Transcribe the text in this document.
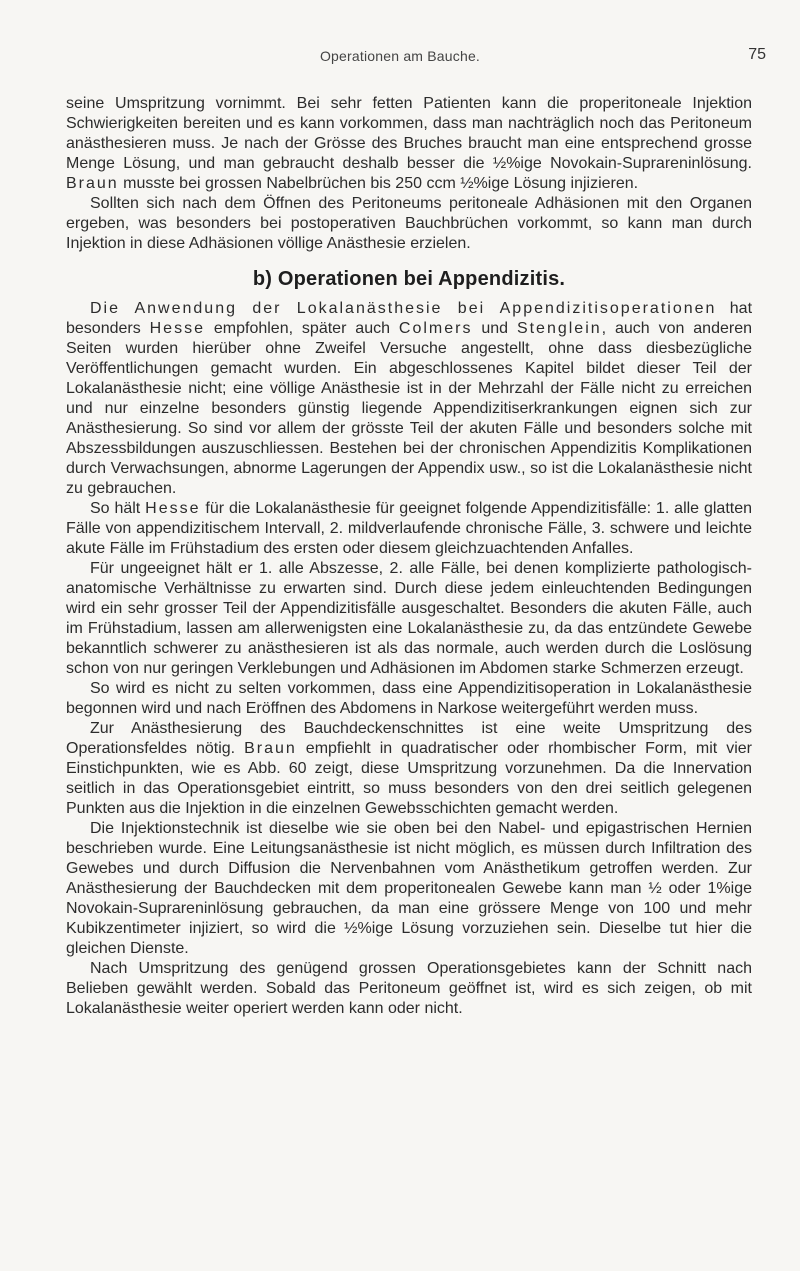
Operationen am Bauche.	75

seine Umspritzung vornimmt. Bei sehr fetten Patienten kann die properitoneale Injektion Schwierigkeiten bereiten und es kann vorkommen, dass man nachträglich noch das Peritoneum anästhesieren muss. Je nach der Grösse des Bruches braucht man eine entsprechend grosse Menge Lösung, und man gebraucht deshalb besser die ½%ige Novokain-Suprareninlösung. Braun musste bei grossen Nabelbrüchen bis 250 ccm ½%ige Lösung injizieren.

Sollten sich nach dem Öffnen des Peritoneums peritoneale Adhäsionen mit den Organen ergeben, was besonders bei postoperativen Bauchbrüchen vorkommt, so kann man durch Injektion in diese Adhäsionen völlige Anästhesie erzielen.

b) Operationen bei Appendizitis.

Die Anwendung der Lokalanästhesie bei Appendizitisoperationen hat besonders Hesse empfohlen, später auch Colmers und Stenglein, auch von anderen Seiten wurden hierüber ohne Zweifel Versuche angestellt, ohne dass diesbezügliche Veröffentlichungen gemacht wurden. Ein abgeschlossenes Kapitel bildet dieser Teil der Lokalanästhesie nicht; eine völlige Anästhesie ist in der Mehrzahl der Fälle nicht zu erreichen und nur einzelne besonders günstig liegende Appendizitiserkrankungen eignen sich zur Anästhesierung. So sind vor allem der grösste Teil der akuten Fälle und besonders solche mit Abszessbildungen auszuschliessen. Bestehen bei der chronischen Appendizitis Komplikationen durch Verwachsungen, abnorme Lagerungen der Appendix usw., so ist die Lokalanästhesie nicht zu gebrauchen.

So hält Hesse für die Lokalanästhesie für geeignet folgende Appendizitisfälle: 1. alle glatten Fälle von appendizitischem Intervall, 2. mildverlaufende chronische Fälle, 3. schwere und leichte akute Fälle im Frühstadium des ersten oder diesem gleichzuachtenden Anfalles.

Für ungeeignet hält er 1. alle Abszesse, 2. alle Fälle, bei denen komplizierte pathologisch-anatomische Verhältnisse zu erwarten sind. Durch diese jedem einleuchtenden Bedingungen wird ein sehr grosser Teil der Appendizitisfälle ausgeschaltet. Besonders die akuten Fälle, auch im Frühstadium, lassen am allerwenigsten eine Lokalanästhesie zu, da das entzündete Gewebe bekanntlich schwerer zu anästhesieren ist als das normale, auch werden durch die Loslösung schon von nur geringen Verklebungen und Adhäsionen im Abdomen starke Schmerzen erzeugt.

So wird es nicht zu selten vorkommen, dass eine Appendizitisoperation in Lokalanästhesie begonnen wird und nach Eröffnen des Abdomens in Narkose weitergeführt werden muss.

Zur Anästhesierung des Bauchdeckenschnittes ist eine weite Umspritzung des Operationsfeldes nötig. Braun empfiehlt in quadratischer oder rhombischer Form, mit vier Einstichpunkten, wie es Abb. 60 zeigt, diese Umspritzung vorzunehmen. Da die Innervation seitlich in das Operationsgebiet eintritt, so muss besonders von den drei seitlich gelegenen Punkten aus die Injektion in die einzelnen Gewebsschichten gemacht werden.

Die Injektionstechnik ist dieselbe wie sie oben bei den Nabel- und epigastrischen Hernien beschrieben wurde. Eine Leitungsanästhesie ist nicht möglich, es müssen durch Infiltration des Gewebes und durch Diffusion die Nervenbahnen vom Anästhetikum getroffen werden. Zur Anästhesierung der Bauchdecken mit dem properitonealen Gewebe kann man ½ oder 1%ige Novokain-Suprareninlösung gebrauchen, da man eine grössere Menge von 100 und mehr Kubikzentimeter injiziert, so wird die ½%ige Lösung vorzuziehen sein. Dieselbe tut hier die gleichen Dienste.

Nach Umspritzung des genügend grossen Operationsgebietes kann der Schnitt nach Belieben gewählt werden. Sobald das Peritoneum geöffnet ist, wird es sich zeigen, ob mit Lokalanästhesie weiter operiert werden kann oder nicht.
